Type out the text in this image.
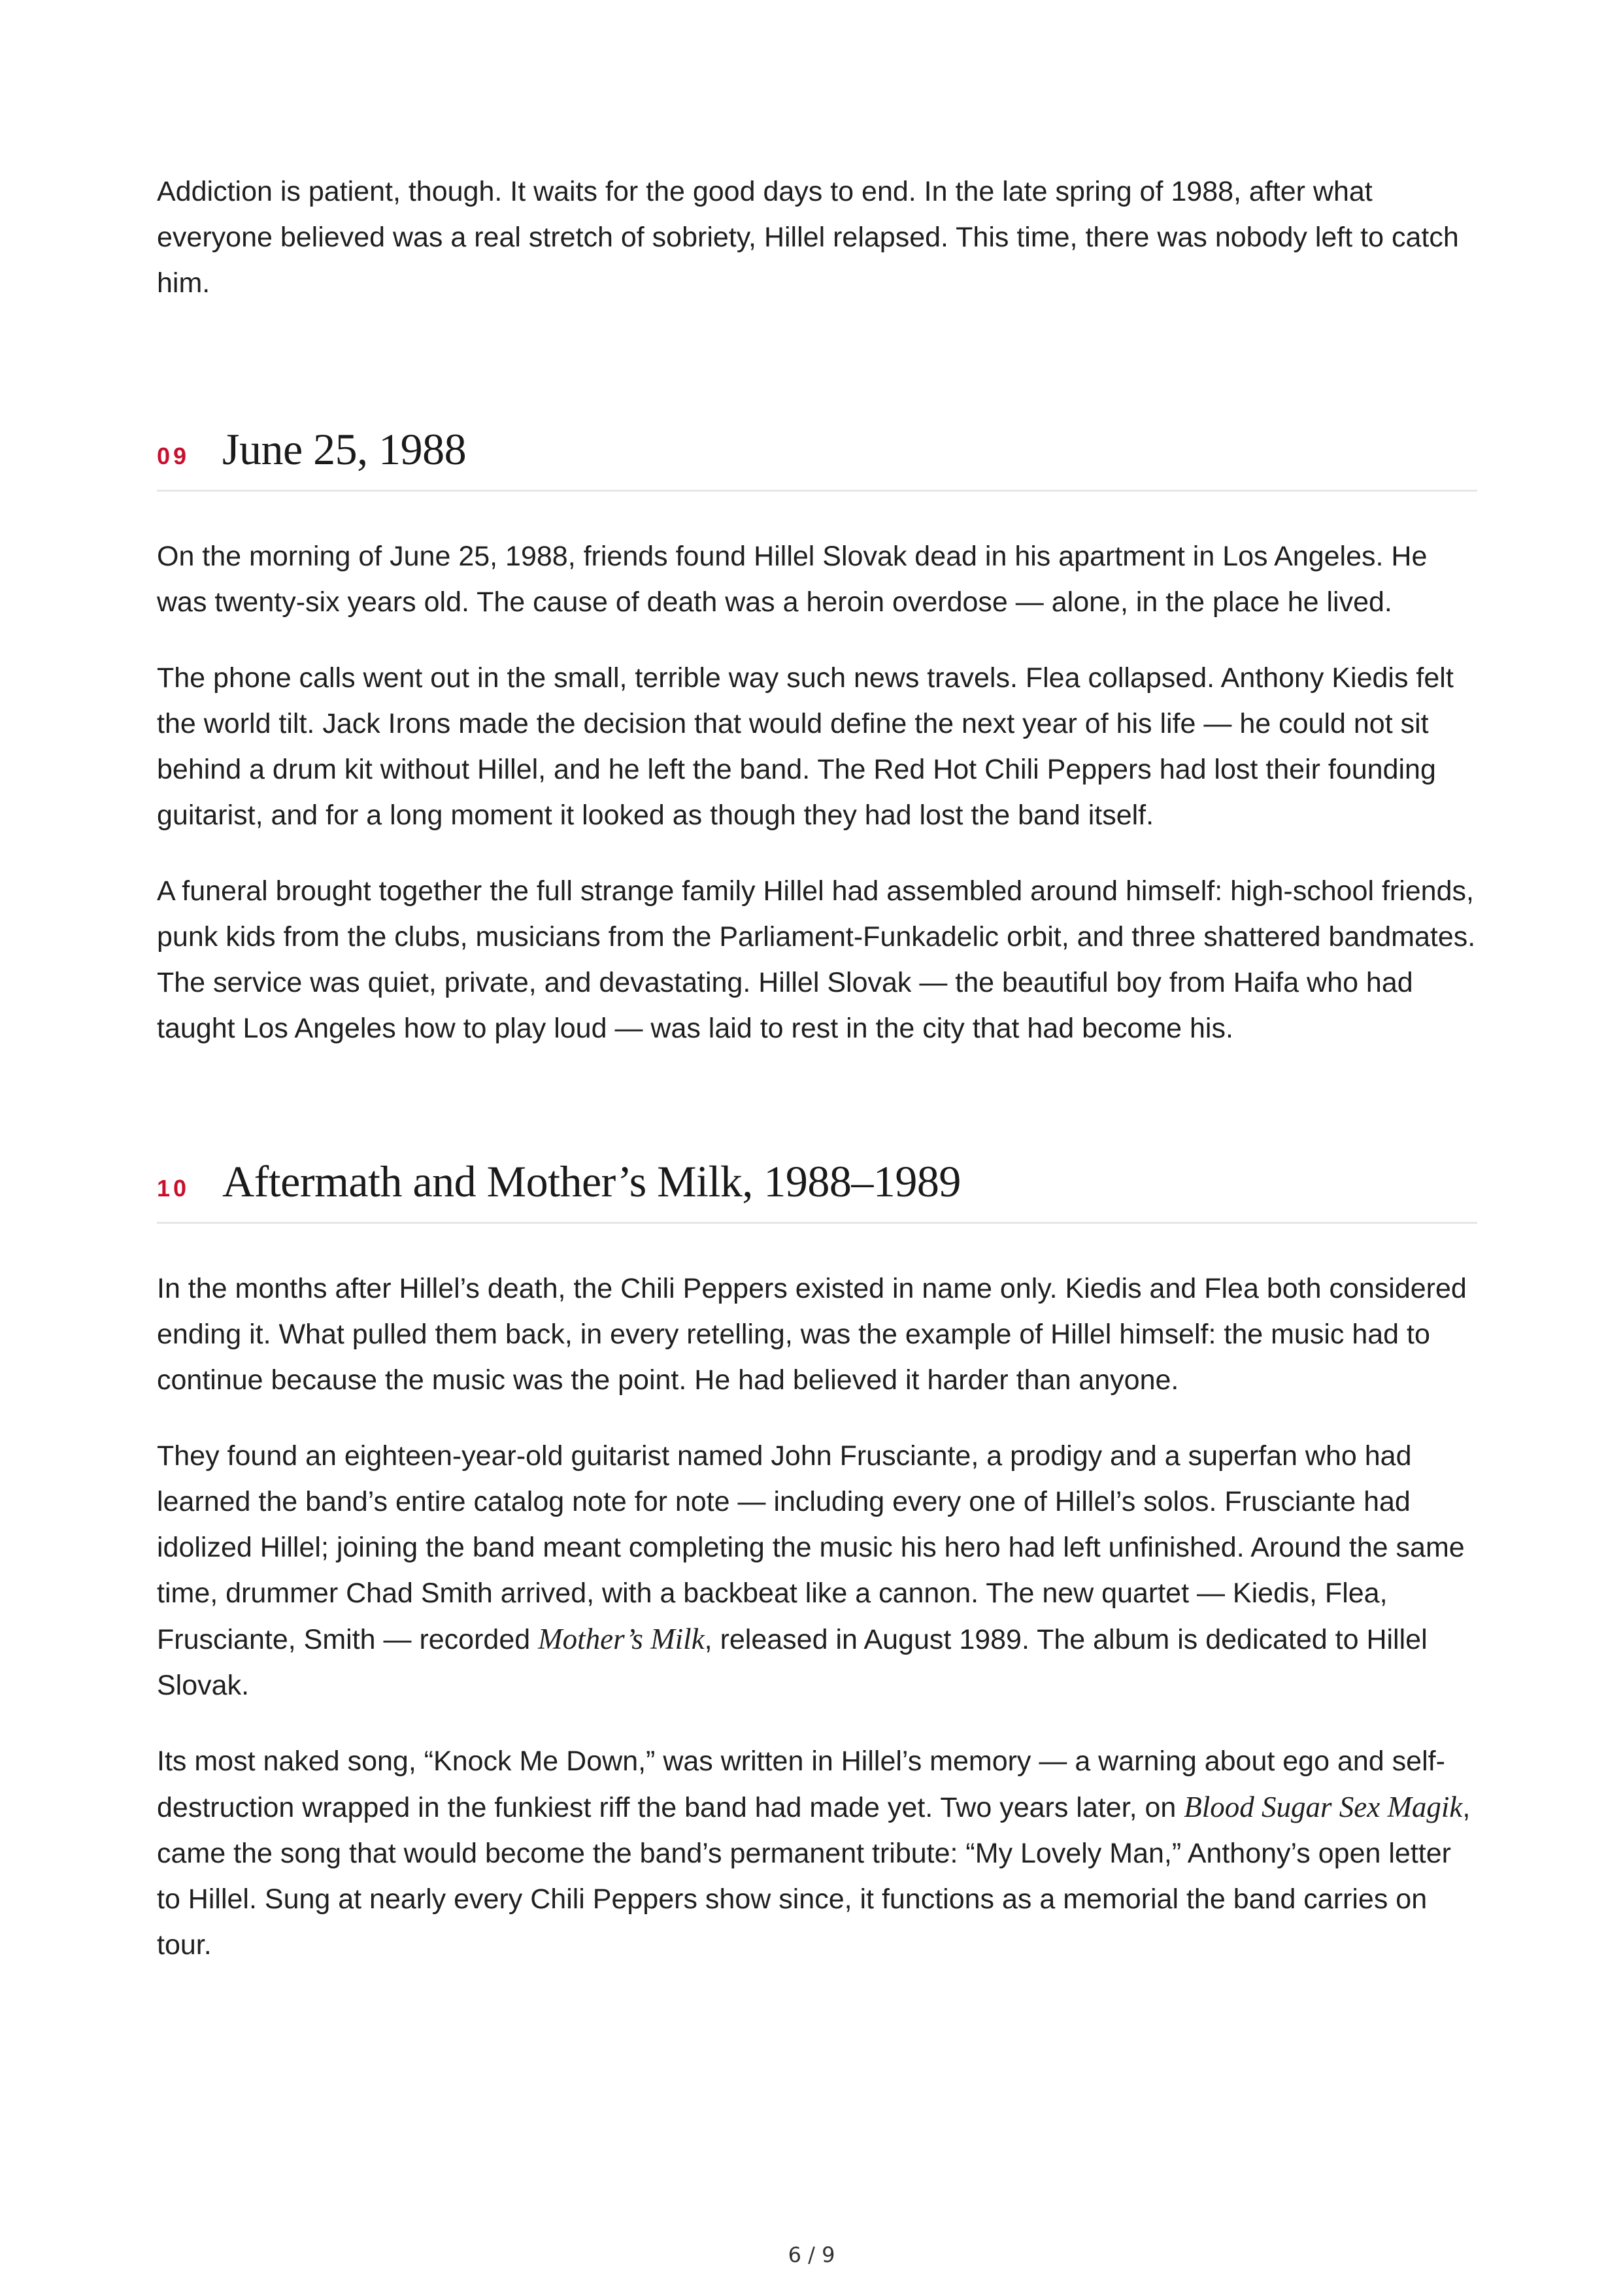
Addiction is patient, though. It waits for the good days to end. In the late spring of 1988, after what everyone believed was a real stretch of sobriety, Hillel relapsed. This time, there was nobody left to catch him.

09 June 25, 1988

On the morning of June 25, 1988, friends found Hillel Slovak dead in his apartment in Los Angeles. He was twenty-six years old. The cause of death was a heroin overdose — alone, in the place he lived.

The phone calls went out in the small, terrible way such news travels. Flea collapsed. Anthony Kiedis felt the world tilt. Jack Irons made the decision that would define the next year of his life — he could not sit behind a drum kit without Hillel, and he left the band. The Red Hot Chili Peppers had lost their founding guitarist, and for a long moment it looked as though they had lost the band itself.

A funeral brought together the full strange family Hillel had assembled around himself: high-school friends, punk kids from the clubs, musicians from the Parliament-Funkadelic orbit, and three shattered bandmates. The service was quiet, private, and devastating. Hillel Slovak — the beautiful boy from Haifa who had taught Los Angeles how to play loud — was laid to rest in the city that had become his.

10 Aftermath and Mother’s Milk, 1988–1989

In the months after Hillel’s death, the Chili Peppers existed in name only. Kiedis and Flea both considered ending it. What pulled them back, in every retelling, was the example of Hillel himself: the music had to continue because the music was the point. He had believed it harder than anyone.

They found an eighteen-year-old guitarist named John Frusciante, a prodigy and a superfan who had learned the band’s entire catalog note for note — including every one of Hillel’s solos. Frusciante had idolized Hillel; joining the band meant completing the music his hero had left unfinished. Around the same time, drummer Chad Smith arrived, with a backbeat like a cannon. The new quartet — Kiedis, Flea, Frusciante, Smith — recorded Mother’s Milk, released in August 1989. The album is dedicated to Hillel Slovak.

Its most naked song, “Knock Me Down,” was written in Hillel’s memory — a warning about ego and self-destruction wrapped in the funkiest riff the band had made yet. Two years later, on Blood Sugar Sex Magik, came the song that would become the band’s permanent tribute: “My Lovely Man,” Anthony’s open letter to Hillel. Sung at nearly every Chili Peppers show since, it functions as a memorial the band carries on tour.

6 / 9
